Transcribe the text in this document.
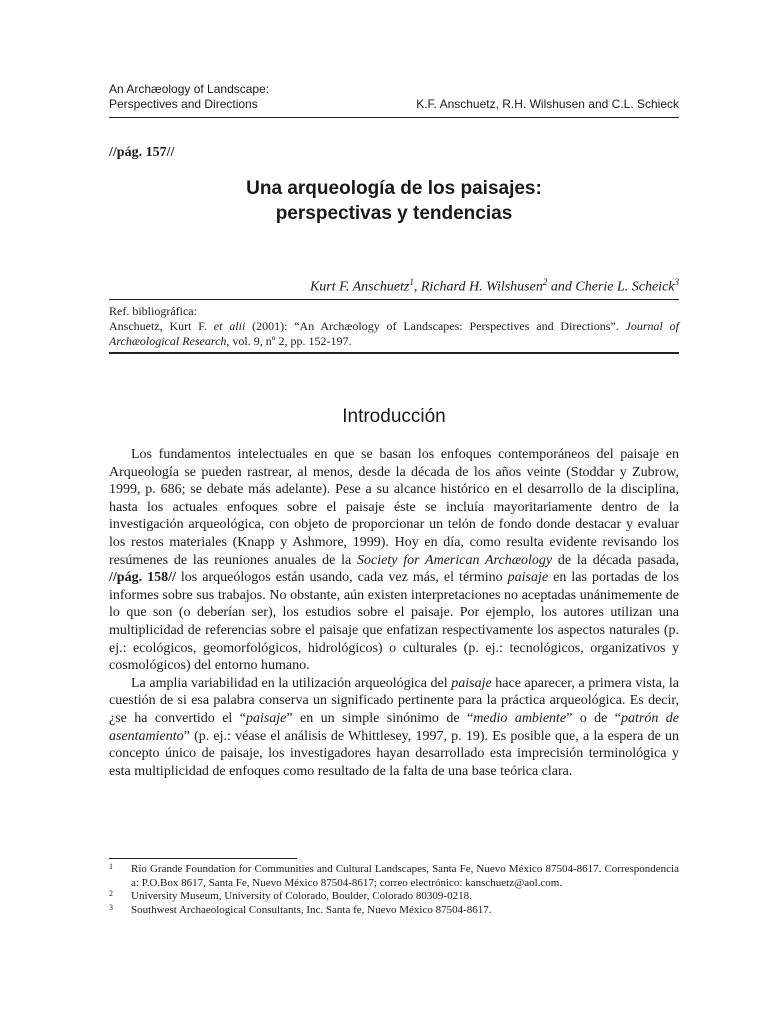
An Archæology of Landscape:
Perspectives and Directions	K.F. Anschuetz, R.H. Wilshusen and C.L. Schieck
//pág. 157//
Una arqueología de los paisajes:
perspectivas y tendencias
Kurt F. Anschuetz$^1$, Richard H. Wilshusen$^2$ and Cherie L. Scheick$^3$
Ref. bibliográfica:
Anschuetz, Kurt F. et alii (2001): “An Archæology of Landscapes: Perspectives and Directions”. Journal of Archæological Research, vol. 9, nº 2, pp. 152-197.
Introducción

Los fundamentos intelectuales en que se basan los enfoques contemporáneos del paisaje en Arqueología se pueden rastrear, al menos, desde la década de los años veinte (Stoddar y Zubrow, 1999, p. 686; se debate más adelante). Pese a su alcance histórico en el desarrollo de la disciplina, hasta los actuales enfoques sobre el paisaje éste se incluía mayoritariamente dentro de la investigación arqueológica, con objeto de proporcionar un telón de fondo donde destacar y evaluar los restos materiales (Knapp y Ashmore, 1999). Hoy en día, como resulta evidente revisando los resúmenes de las reuniones anuales de la Society for American Archæology de la década pasada, //pág. 158// los arqueólogos están usando, cada vez más, el término paisaje en las portadas de los informes sobre sus trabajos. No obstante, aún existen interpretaciones no aceptadas unánimemente de lo que son (o deberían ser), los estudios sobre el paisaje. Por ejemplo, los autores utilizan una multiplicidad de referencias sobre el paisaje que enfatizan respectivamente los aspectos naturales (p. ej.: ecológicos, geomorfológicos, hidrológicos) o culturales (p. ej.: tecnológicos, organizativos y cosmológicos) del entorno humano.

La amplia variabilidad en la utilización arqueológica del paisaje hace aparecer, a primera vista, la cuestión de si esa palabra conserva un significado pertinente para la práctica arqueológica. Es decir, ¿se ha convertido el “paisaje” en un simple sinónimo de “medio ambiente” o de “patrón de asentamiento” (p. ej.: véase el análisis de Whittlesey, 1997, p. 19). Es posible que, a la espera de un concepto único de paisaje, los investigadores hayan desarrollado esta imprecisión terminológica y esta multiplicidad de enfoques como resultado de la falta de una base teórica clara.

1 Río Grande Foundation for Communities and Cultural Landscapes, Santa Fe, Nuevo México 87504-8617. Correspondencia a: P.O.Box 8617, Santa Fe, Nuevo México 87504-8617; correo electrónico: kanschuetz@aol.com.
2 University Museum, University of Colorado, Boulder, Colorado 80309-0218.
3 Southwest Archaeological Consultants, Inc. Santa fe, Nuevo México 87504-8617.
